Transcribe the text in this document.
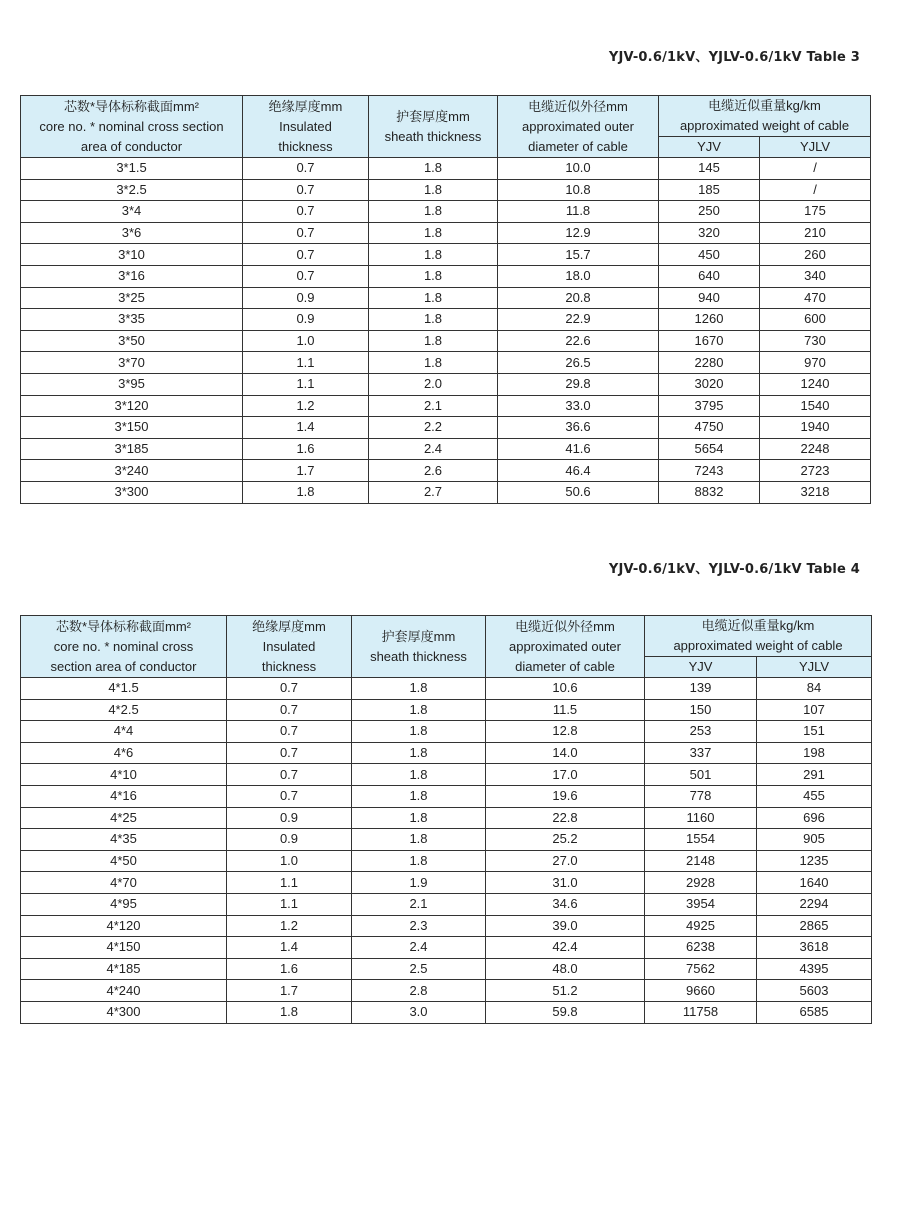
YJV-0.6/1kV、YJLV-0.6/1kV Table 3
芯数*导体标称截面mm²
core no. * nominal cross section
area of conductor	绝缘厚度mm
Insulated
thickness	护套厚度mm
sheath thickness	电缆近似外径mm
approximated outer
diameter of cable	电缆近似重量kg/km
approximated weight of cable	

				YJV	YJLV
3*1.5	0.7	1.8	10.0	145	/
3*2.5	0.7	1.8	10.8	185	/
3*4	0.7	1.8	11.8	250	175
3*6	0.7	1.8	12.9	320	210
3*10	0.7	1.8	15.7	450	260
3*16	0.7	1.8	18.0	640	340
3*25	0.9	1.8	20.8	940	470
3*35	0.9	1.8	22.9	1260	600
3*50	1.0	1.8	22.6	1670	730
3*70	1.1	1.8	26.5	2280	970
3*95	1.1	2.0	29.8	3020	1240
3*120	1.2	2.1	33.0	3795	1540
3*150	1.4	2.2	36.6	4750	1940
3*185	1.6	2.4	41.6	5654	2248
3*240	1.7	2.6	46.4	7243	2723
3*300	1.8	2.7	50.6	8832	3218
YJV-0.6/1kV、YJLV-0.6/1kV Table 4
芯数*导体标称截面mm²
core no. * nominal cross
section area of conductor	绝缘厚度mm
Insulated
thickness	护套厚度mm
sheath thickness	电缆近似外径mm
approximated outer
diameter of cable	电缆近似重量kg/km
approximated weight of cable	

				YJV	YJLV
4*1.5	0.7	1.8	10.6	139	84
4*2.5	0.7	1.8	11.5	150	107
4*4	0.7	1.8	12.8	253	151
4*6	0.7	1.8	14.0	337	198
4*10	0.7	1.8	17.0	501	291
4*16	0.7	1.8	19.6	778	455
4*25	0.9	1.8	22.8	1160	696
4*35	0.9	1.8	25.2	1554	905
4*50	1.0	1.8	27.0	2148	1235
4*70	1.1	1.9	31.0	2928	1640
4*95	1.1	2.1	34.6	3954	2294
4*120	1.2	2.3	39.0	4925	2865
4*150	1.4	2.4	42.4	6238	3618
4*185	1.6	2.5	48.0	7562	4395
4*240	1.7	2.8	51.2	9660	5603
4*300	1.8	3.0	59.8	11758	6585
